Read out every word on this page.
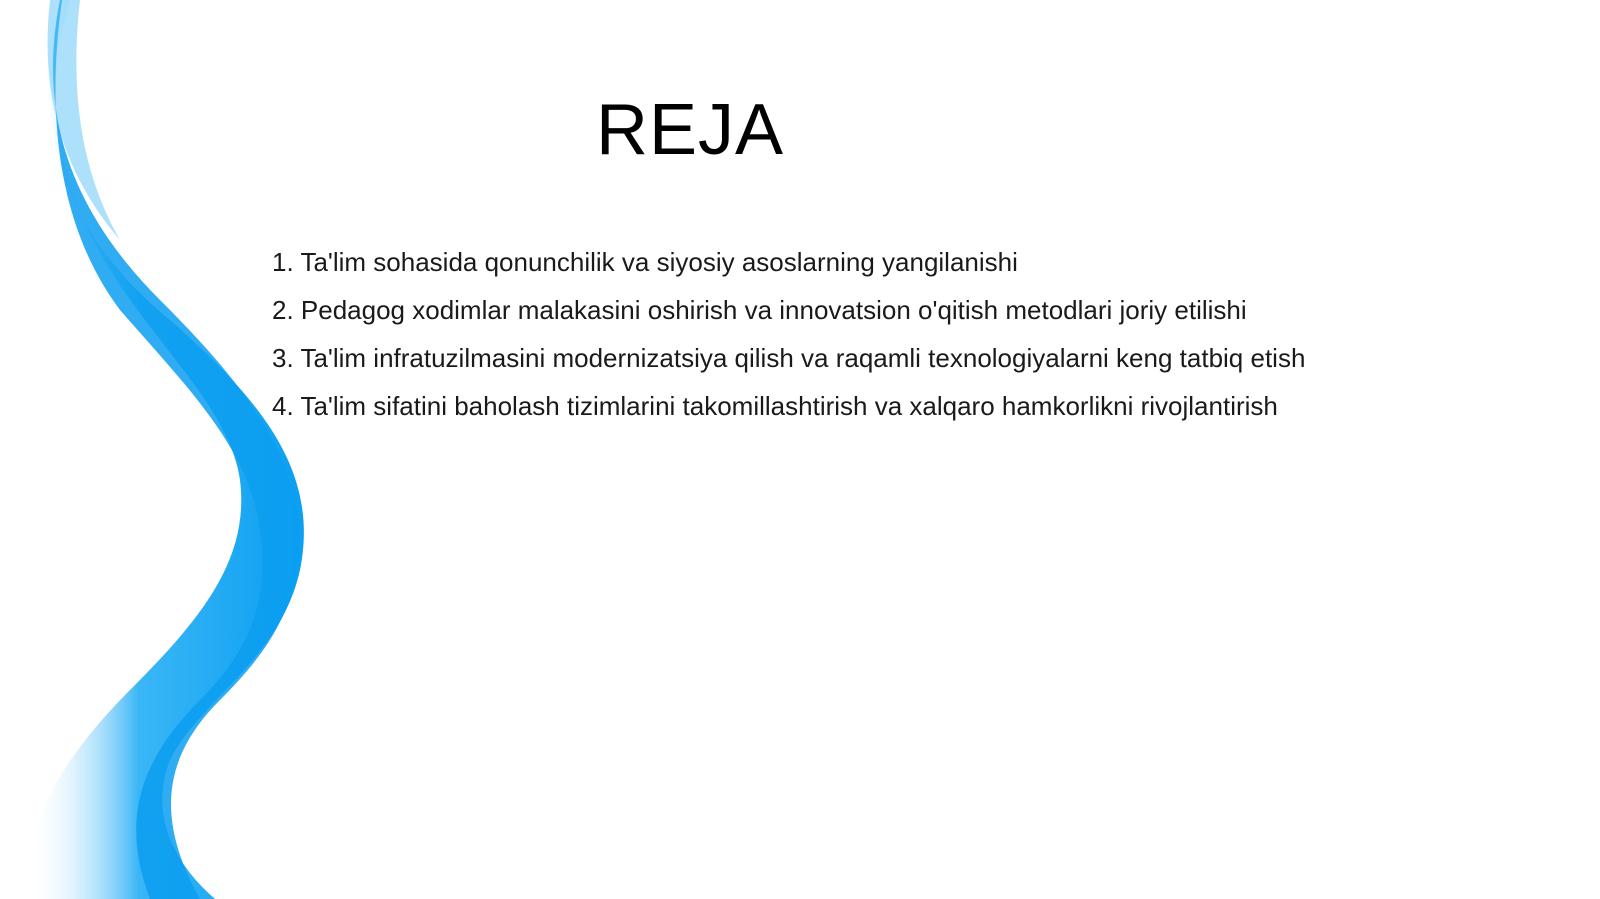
REJA
1. Ta'lim sohasida qonunchilik va siyosiy asoslarning yangilanishi
2. Pedagog xodimlar malakasini oshirish va innovatsion o'qitish metodlari joriy etilishi
3. Ta'lim infratuzilmasini modernizatsiya qilish va raqamli texnologiyalarni keng tatbiq etish
4. Ta'lim sifatini baholash tizimlarini takomillashtirish va xalqaro hamkorlikni rivojlantirish
